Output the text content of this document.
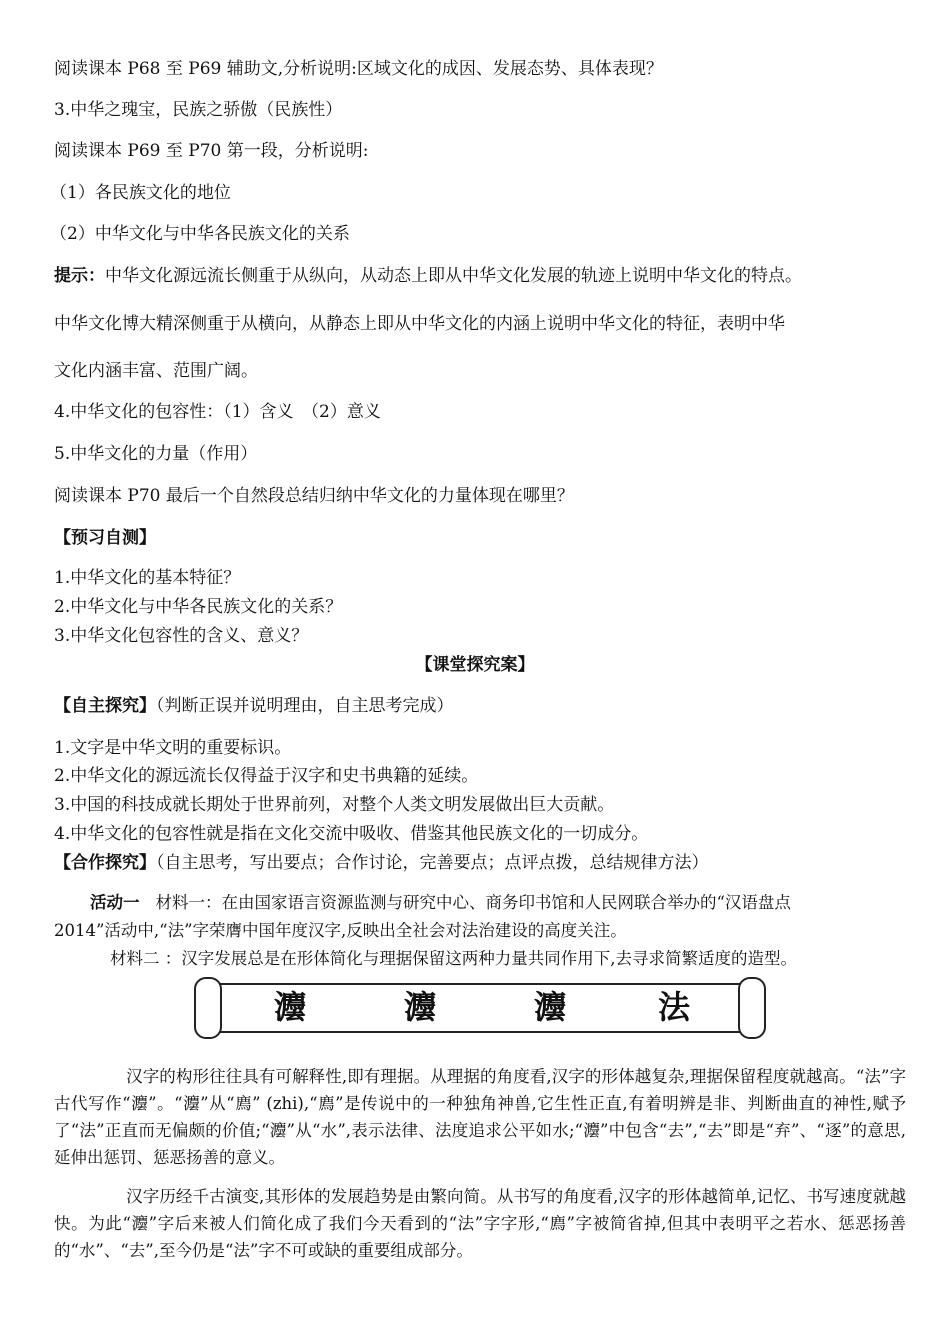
阅读课本 P68 至 P69 辅助文,分析说明:区域文化的成因、发展态势、具体表现？
3.中华之瑰宝，民族之骄傲（民族性）
阅读课本 P69 至 P70 第一段，分析说明:
（1）各民族文化的地位
（2）中华文化与中华各民族文化的关系
提示：中华文化源远流长侧重于从纵向，从动态上即从中华文化发展的轨迹上说明中华文化的特点。
中华文化博大精深侧重于从横向，从静态上即从中华文化的内涵上说明中华文化的特征，表明中华
文化内涵丰富、范围广阔。
4.中华文化的包容性：（1）含义　（2）意义
5.中华文化的力量（作用）
阅读课本 P70 最后一个自然段总结归纳中华文化的力量体现在哪里？
【预习自测】
1.中华文化的基本特征？
2.中华文化与中华各民族文化的关系？
3.中华文化包容性的含义、意义？
【课堂探究案】
【自主探究】（判断正误并说明理由，自主思考完成）
1.文字是中华文明的重要标识。
2.中华文化的源远流长仅得益于汉字和史书典籍的延续。
3.中国的科技成就长期处于世界前列，对整个人类文明发展做出巨大贡献。
4.中华文化的包容性就是指在文化交流中吸收、借鉴其他民族文化的一切成分。
【合作探究】（自主思考，写出要点；合作讨论，完善要点；点评点拨，总结规律方法）
活动一 材料一：在由国家语言资源监测与研究中心、商务印书馆和人民网联合举办的“汉语盘点
2014”活动中,“法”字荣膺中国年度汉字,反映出全社会对法治建设的高度关注。
材料二 ：汉字发展总是在形体简化与理据保留这两种力量共同作用下,去寻求简繁适度的造型。
灋	灋	灋	法
汉字的构形往往具有可解释性,即有理据。从理据的角度看,汉字的形体越复杂,理据保留程度就越高。“法”字古代写作“灋”。“灋”从“廌” (zhi),“廌”是传说中的一种独角神兽,它生性正直,有着明辨是非、判断曲直的神性,赋予了“法”正直而无偏颇的价值;“灋”从“水”,表示法律、法度追求公平如水;“灋”中包含“去”,“去”即是“弃”、“逐”的意思,延伸出惩罚、惩恶扬善的意义。
汉字历经千古演变,其形体的发展趋势是由繁向简。从书写的角度看,汉字的形体越简单,记忆、书写速度就越快。为此“灋”字后来被人们简化成了我们今天看到的“法”字字形,“廌”字被简省掉,但其中表明平之若水、惩恶扬善的“水”、“去”,至今仍是“法”字不可或缺的重要组成部分。
